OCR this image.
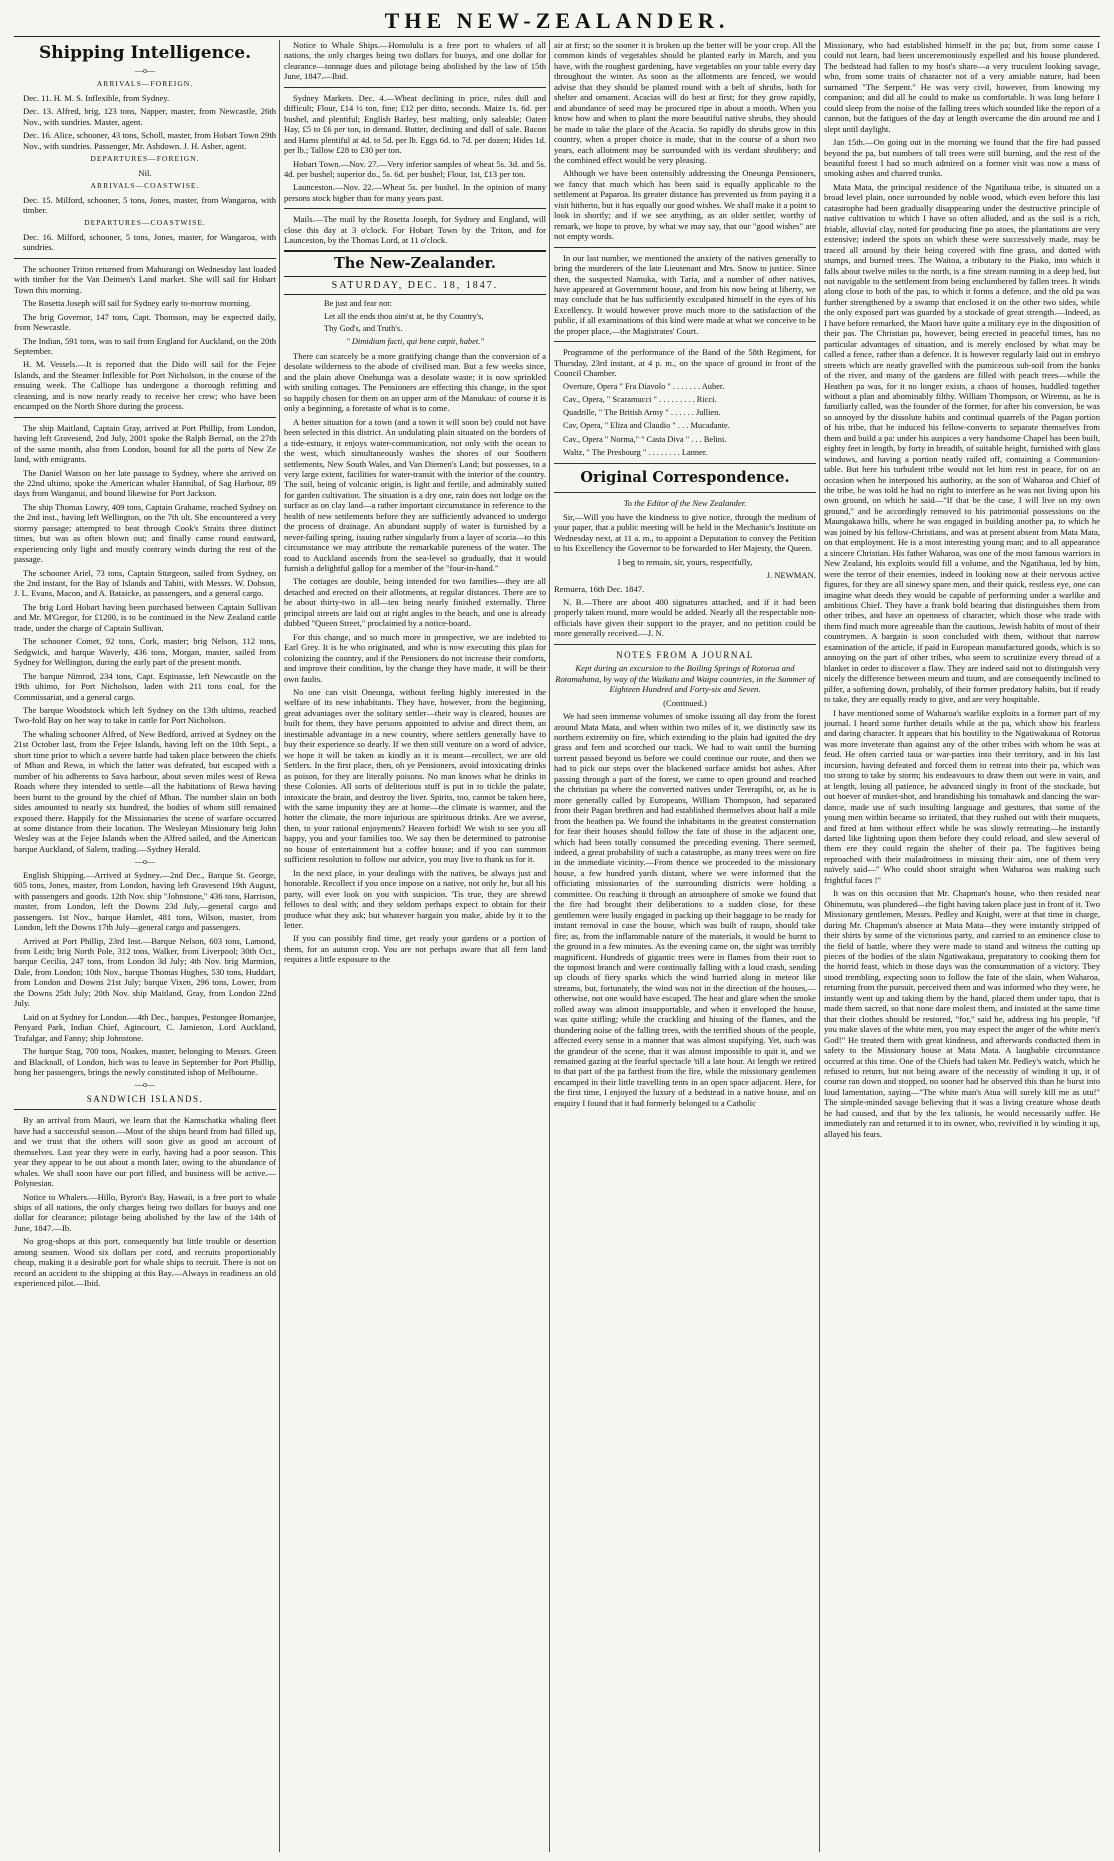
THE NEW-ZEALANDER.
Shipping Intelligence.
—o—
ARRIVALS—FOREIGN.

Dec. 11. H. M. S. Inflexible, from Sydney.

Dec. 13. Alfred, brig, 123 tons, Napper, master, from Newcastle, 26th Nov., with sundries. Master, agent.

Dec. 16. Alice, schooner, 43 tons, Scholl, master, from Hobart Town 29th Nov., with sundries. Passenger, Mr. Ashdown. J. H. Asher, agent.

DEPARTURES—FOREIGN.
Nil.
ARRIVALS—COASTWISE.

Dec. 15. Milford, schooner, 5 tons, Jones, master, from Wangaroa, with timber.

DEPARTURES—COASTWISE.

Dec. 16. Milford, schooner, 5 tons, Jones, master, for Wangaroa, with sundries.

The schooner Triton returned from Mahurangi on Wednesday last loaded with timber for the Van Deimen's Land market. She will sail for Hobart Town this morning.

The Rosetta Joseph will sail for Sydney early to-morrow morning.

The brig Governor, 147 tons, Capt. Thomson, may be expected daily, from Newcastle.

The Indian, 591 tons, was to sail from England for Auckland, on the 20th September.

H. M. Vessels.—It is reported that the Dido will sail for the Fejee Islands, and the Steamer Inflexible for Port Nicholson, in the course of the ensuing week. The Calliope has undergone a thorough refitting and cleansing, and is now nearly ready to receive her crew; who have been encamped on the North Shore during the process.

The ship Maitland, Captain Gray, arrived at Port Phillip, from London, having left Gravesend, 2nd July, 2001 spoke the Ralph Bernal, on the 27th of the same month, also from London, bound for all the ports of New Ze land, with emigrants.

The Daniel Watson on her late passage to Sydney, where she arrived on the 22nd ultimo, spoke the American whaler Hannibal, of Sag Harbour, 89 days from Wanganui, and bound likewise for Port Jackson.

The ship Thomas Lowry, 409 tons, Captain Grahame, reached Sydney on the 2nd inst., having left Wellington, on the 7th ult. She encountered a very stormy passage; attempted to beat through Cook's Straits three distinct times, but was as often blown out; and finally came round eastward, experiencing only light and mostly contrary winds during the rest of the passage.

The schooner Ariel, 73 tons, Captain Sturgeon, sailed from Sydney, on the 2nd instant, for the Bay of Islands and Tahiti, with Messrs. W. Dobson, J. L. Evans, Macon, and A. Bataicke, as passengers, and a general cargo.

The brig Lord Hobart having been purchased between Captain Sullivan and Mr. M'Gregor, for £1200, is to be continued in the New Zealand cattle trade, under the charge of Captain Sullivan.

The schooner Comet, 92 tons, Cork, master; brig Nelson, 112 tons, Sedgwick, and barque Waverly, 436 tons, Morgan, master, sailed from Sydney for Wellington, during the early part of the present month.

The barque Nimrod, 234 tons, Capt. Espinasse, left Newcastle on the 19th ultimo, for Port Nicholson, laden with 211 tons coal, for the Commissariat, and a general cargo.

The barque Woodstock which left Sydney on the 13th ultimo, reached Two-fold Bay on her way to take in cattle for Port Nicholson.

The whaling schooner Alfred, of New Bedford, arrived at Sydney on the 21st October last, from the Fejee Islands, having left on the 10th Sept., a short time prior to which a severe battle had taken place between the chiefs of Mban and Rewa, in which the latter was defeated, but escaped with a number of his adherents to Sava harbour, about seven miles west of Rewa Roads where they intended to settle—all the habitations of Rewa having been burnt to the ground by the chief of Mban. The number slain on both sides amounted to nearly six hundred, the bodies of whom still remained exposed there. Happily for the Missionaries the scene of warfare occurred at some distance from their location. The Wesleyan Missionary brig John Wesley was at the Fejee Islands when the Alfred sailed, and the American barque Auckland, of Salem, trading.—Sydney Herald.

—o—

English Shipping.—Arrived at Sydney.—2nd Dec., Barque St. George, 605 tons, Jones, master, from London, having left Gravesend 19th August, with passengers and goods. 12th Nov. ship "Johnstone," 436 tons, Harrison, master, from London, left the Downs 23d July,—general cargo and passengers. 1st Nov., barque Hamlet, 481 tons, Wilson, master, from London, left the Downs 17th July—general cargo and passengers.

Arrived at Port Phillip, 23rd Inst.—Barque Nelson, 603 tons, Lamond, from Leith; brig North Pole, 312 tons, Walker, from Liverpool; 30th Oct., barque Cecilia, 247 tons, from London 3d July; 4th Nov. brig Marmion, Dale, from London; 10th Nov., barque Thomas Hughes, 530 tons, Huddart, from London and Downs 21st July; barque Vixen, 296 tons, Lower, from the Downs 25th July; 20th Nov. ship Maitland, Gray, from London 22nd July.

Laid on at Sydney for London.—4th Dec., barques, Pestongee Bomanjee, Penyard Park, Indian Chief, Agincourt, C. Jamieson, Lord Auckland, Trafalgar, and Fanny; ship Johnstone.

The barque Stag, 700 tons, Noakes, master, belonging to Messrs. Green and Blacknall, of London, hich was to leave in September for Port Phillip, hong her passengers, brings the newly constituted ishop of Melbourne.

—o—
SANDWICH ISLANDS.

By an arrival from Mauri, we learn that the Kamschatka whaling fleet have had a successful season.—Most of the ships heard from had filled up, and we trust that the others will soon give as good an account of themselves. Last year they were in early, having had a poor season. This year they appear to be out about a month later, owing to the abundance of whales. We shall soon have our port filled, and business will be active.—Polynesian.

Notice to Whalers.—Hillo, Byron's Bay, Hawaii, is a free port to whale ships of all nations, the only charges being two dollars for buoys and one dollar for clearance; pilotage being abolished by the law of the 14th of June, 1847.—Ib.

No grog-shops at this port, consequently but little trouble or desertion among seamen. Wood six dollars per cord, and recruits proportionably cheap, making it a desirable port for whale ships to recruit. There is not on record an accident to the shipping at this Bay.—Always in readiness an old experienced pilot.—Ibid.

Notice to Whale Ships.—Homolulu is a free port to whalers of all nations, the only charges being two dollars for buoys, and one dollar for clearance—tonnage dues and pilotage being abolished by the law of 15th June, 1847.—Ibid.

Sydney Markets. Dec. 4.—Wheat declining in price, rules dull and difficult; Flour, £14 ½ ton, fine; £12 per ditto, seconds. Maize 1s. 6d. per bushel, and plentiful; English Barley, best malting, only saleable; Oaten Hay, £5 to £6 per ton, in demand. Butter, declining and dull of sale. Bacon and Hams plentiful at 4d. to 5d. per lb. Eggs 6d. to 7d. per dozen; Hides 1d. per lb.; Tallow £28 to £30 per ton.

Hobart Town.—Nov. 27.—Very inferior samples of wheat 5s. 3d. and 5s. 4d. per bushel; superior do., 5s. 6d. per bushel; Flour, 1st, £13 per ton.

Launceston.—Nov. 22.—Wheat 5s. per bushel. In the opinion of many persons stock higher than for many years past.

Mails.—The mail by the Rosetta Joseph, for Sydney and England, will close this day at 3 o'clock. For Hobart Town by the Triton, and for Launceston, by the Thomas Lord, at 11 o'clock.

The New-Zealander.
SATURDAY, DEC. 18, 1847.
Be just and fear not:
Let all the ends thou aim'st at, be thy Country's,
Thy God's, and Truth's.
" Dimidium facti, qui bene cœpit, habet."

There can scarcely be a more gratifying change than the conversion of a desolate wilderness to the abode of civilised man. But a few weeks since, and the plain above Onehunga was a desolate waste; it is now sprinkled with smiling cottages. The Pensioners are effecting this change, in the spot so happily chosen for them on an upper arm of the Manukau: of course it is only a beginning, a foretaste of what is to come.

A better situation for a town (and a town it will soon be) could not have been selected in this district. An undulating plain situated on the borders of a tide-estuary, it enjoys water-communication, not only with the ocean to the west, which simultaneously washes the shores of our Southern settlements, New South Wales, and Van Diemen's Land; but possesses, to a very large extent, facilities for water-transit with the interior of the country. The soil, being of volcanic origin, is light and fertile, and admirably suited for garden cultivation. The situation is a dry one, rain does not lodge on the surface as on clay land—a rather important circumstance in reference to the health of new settlements before they are sufficiently advanced to undergo the process of drainage. An abundant supply of water is furnished by a never-failing spring, issuing rather singularly from a layer of scoria—to this circumstance we may attribute the remarkable pureness of the water. The road to Auckland ascends from the sea-level so gradually, that it would furnish a delightful gallop for a member of the "four-in-hand."

The cottages are double, being intended for two families—they are all detached and erected on their allotments, at regular distances. There are to be about thirty-two in all—ten being nearly finished externally. Three principal streets are laid out at right angles to the beach, and one is already dubbed "Queen Street," proclaimed by a notice-board.

For this change, and so much more in prospective, we are indebted to Earl Grey. It is he who originated, and who is now executing this plan for colonizing the country, and if the Pensioners do not increase their comforts, and improve their condition, by the change they have made, it will be their own faults.

No one can visit Oneunga, without feeling highly interested in the welfare of its new inhabitants. They have, however, from the beginning, great advantages over the solitary settler—their way is cleared, houses are built for them, they have persons appointed to advise and direct them, an inestimable advantage in a new country, where settlers generally have to buy their experience so dearly. If we then still venture on a word of advice, we hope it will be taken as kindly as it is meant—recollect, we are old Settlers. In the first place, then, oh ye Pensioners, avoid intoxicating drinks as poison, for they are literally poisons. No man knows what he drinks in these Colonies. All sorts of deliterious stuff is put in to tickle the palate, intoxicate the brain, and destroy the liver. Spirits, too, cannot be taken here, with the same impunity they are at home—the climate is warmer, and the hotter the climate, the more injurious are spirituous drinks. Are we averse, then, to your rational enjoyments? Heaven forbid! We wish to see you all happy, you and your families too. We say then be determined to patronise no house of entertainment but a coffee house; and if you can summon sufficient resolution to follow our advice, you may live to thank us for it.

In the next place, in your dealings with the natives, be always just and honorable. Recollect if you once impose on a native, not only he, but all his party, will ever look on you with suspicion. 'Tis true, they are shrewd fellows to deal with; and they seldom perhaps expect to obtain for their produce what they ask; but whatever bargain you make, abide by it to the letter.

If you can possibly find time, get ready your gardens or a portion of them, for an autumn crop. You are not perhaps aware that all fern land requires a little exposure to the

air at first; so the sooner it is broken up the better will be your crop. All the common kinds of vegetables should be planted early in March, and you have, with the roughest gardening, have vegetables on your table every day throughout the winter. As soon as the allotments are fenced, we would advise that they should be planted round with a belt of shrubs, both for shelter and ornament. Acacias will do best at first; for they grow rapidly, and abundance of seed may be procured ripe in about a month. When you know how and when to plant the more beautiful native shrubs, they should be made to take the place of the Acacia. So rapidly do shrubs grow in this country, when a proper choice is made, that in the course of a short two years, each allotment may be surrounded with its verdant shrubbery; and the combined effect would be very pleasing.

Although we have been ostensibly addressing the Oneunga Pensioners, we fancy that much which has been said is equally applicable to the settlement at Paparoa. Its greater distance has prevented us from paying it a visit hitherto, but it has equally our good wishes. We shall make it a point to look in shortly; and if we see anything, as an older settler, worthy of remark, we hope to prove, by what we may say, that our "good wishes" are not empty words.

In our last number, we mentioned the anxiety of the natives generally to bring the murderers of the late Lieutenant and Mrs. Snow to justice. Since then, the suspected Namuka, with Taria, and a number of other natives, have appeared at Government house, and from his now being at liberty, we may conclude that he has sufficiently exculpated himself in the eyes of his Excellency. It would however prove much more to the satisfaction of the public, if all examinations of this kind were made at what we conceive to be the proper place,—the Magistrates' Court.

Programme of the performance of the Band of the 58th Regiment, for Thursday, 23rd instant, at 4 p. m., on the space of ground in front of the Council Chamber.

Overture, Opera " Fra Diavolo " . . . . . . . Auber.

Cav., Opera, " Scaramucci " . . . . . . . . . Ricci.

Quadrille, " The British Army " . . . . . . Jullien.

Cav, Opera, " Eliza and Claudio " . . . Mucadante.

Cav., Opera " Norma," " Casta Diva " . . . Belini.

Waltz, " The Presbourg " . . . . . . . . Lanner.

Original Correspondence.
To the Editor of the New Zealander.

Sir,—Will you have the kindness to give notice, through the medium of your paper, that a public meeting will be held in the Mechanic's Institute on Wednesday next, at 11 a. m., to appoint a Deputation to convey the Petition to his Excellency the Governor to be forwarded to Her Majesty, the Queen.

I beg to remain, sir, yours, respectfully,

J. NEWMAN.

Remuera, 16th Dec. 1847.

N. B.—There are about 400 signatures attached, and if it had been properly taken round, more would be added. Nearly all the respectable non-officials have given their support to the prayer, and no petition could be more generally received.—J. N.

NOTES FROM A JOURNAL

Kept during an excursion to the Boiling Springs of Rotorua and Rotomahana, by way of the Waikato and Waipa countries, in the Summer of Eighteen Hundred and Forty-six and Seven.

(Continued.)

We had seen immense volumes of smoke issuing all day from the forest around Mata Mata, and when within two miles of it, we distinctly saw its northern extremity on fire, which extending to the plain had ignited the dry grass and fern and scorched our track. We had to wait until the burning torrent passed beyond us before we could continue our route, and then we had to pick our steps over the blackened surface amidst hot ashes. After passing through a part of the forest, we came to open ground and reached the christian pa where the converted natives under Tererapihi, or, as he is more generally called by Europeans, William Thompson, had separated from their Pagan brethren and had established themselves about half a mile from the heathen pa. We found the inhabitants in the greatest consternation for fear their houses should follow the fate of those in the adjacent one, which had been totally consumed the preceding evening. There seemed, indeed, a great probability of such a catastrophe, as many trees were on fire in the immediate vicinity.—From thence we proceeded to the missionary house, a few hundred yards distant, where we were informed that the officiating missionaries of the surrounding districts were holding a committee. On reaching it through an atmosphere of smoke we found that the fire had brought their deliberations to a sudden close, for these gentlemen were busily engaged in packing up their baggage to be ready for instant removal in case the house, which was built of raupo, should take fire; as, from the inflammable nature of the materials, it would be burnt to the ground in a few minutes. As the evening came on, the sight was terribly magnificent. Hundreds of gigantic trees were in flames from their root to the topmost branch and were continually falling with a loud crash, sending up clouds of fiery sparks which the wind hurried along in meteor like streams, but, fortunately, the wind was not in the direction of the houses,—otherwise, not one would have escaped. The heat and glare when the smoke rolled away was almost insupportable, and when it enveloped the house, was quite stifling; while the crackling and hissing of the flames, and the thundering noise of the falling trees, with the terrified shouts of the people, affected every sense in a manner that was almost stupifying. Yet, such was the grandeur of the scene, that it was almost impossible to quit it, and we remained gazing at the fearful spectacle 'till a late hour. At length we retired to that part of the pa farthest from the fire, while the missionary gentlemen encamped in their little travelling tents in an open space adjacent. Here, for the first time, I enjoyed the luxury of a bedstead in a native house, and on enquiry I found that it had formerly belonged to a Catholic

Missionary, who had established himself in the pa; but, from some cause I could not learn, had been unceremoniously expelled and his house plundered. The bedstead had fallen to my host's share—a very truculent looking savage, who, from some traits of character not of a very amiable nature, had been surnamed "The Serpent." He was very civil, however, from knowing my companion; and did all he could to make us comfortable. It was long before I could sleep from the noise of the falling trees which sounded like the report of a cannon, but the fatigues of the day at length overcame the din around me and I slept until daylight.

Jan 15th.—On going out in the morning we found that the fire had passed beyond the pa, but numbers of tall trees were still burning, and the rest of the beautiful forest I had so much admired on a former visit was now a mass of smoking ashes and charred trunks.

Mata Mata, the principal residence of the Ngatihaua tribe, is situated on a broad level plain, once surrounded by noble wood, which even before this last catastrophe had been gradually disappearing under the destructive principle of native cultivation to which I have so often alluded, and as the soil is a rich, friable, alluvial clay, noted for producing fine po atoes, the plantations are very extensive; indeed the spots on which these were successively made, may be traced all around by their being covered with fine grass, and dotted with stumps, and burned trees. The Waitoa, a tributary to the Piako, into which it falls about twelve miles to the north, is a fine stream running in a deep bed, but not navigable to the settlement from being enclumbered by fallen trees. It winds along close to both of the pas, to which it forms a defence, and the old pa was further strengthened by a swamp that enclosed it on the other two sides, while the only exposed part was guarded by a stockade of great strength.—Indeed, as I have before remarked, the Maori have quite a military eye in the disposition of their pas. The Christian pa, however, being erected in peaceful times, has no particular advantages of situation, and is merely enclosed by what may be called a fence, rather than a defence. It is however regularly laid out in embryo streets which are neatly gravelled with the pumiceous sub-soil from the banks of the river, and many of the gardens are filled with peach trees—while the Heathen pa was, for it no longer exists, a chaos of houses, huddled together without a plan and abominably filthy. William Thompson, or Wiremu, as he is familiarly called, was the founder of the former, for after his conversion, he was so annoyed by the dissolute habits and continual quarrels of the Pagan portion of his tribe, that he induced his fellow-converts to separate themselves from them and build a pa: under his auspices a very handsome Chapel has been built, eighty feet in length, by forty in breadth, of suitable height, furnished with glass windows, and having a portion neatly railed off, containing a Communion-table. But here his turbulent tribe would not let him rest in peace, for on an occasion when he interposed his authority, as the son of Waharoa and Chief of the tribe, he was told he had no right to interfere as he was not living upon his own ground, on which he said—"If that be the case, I will live on my own ground," and he accordingly removed to his patrimonial possessions on the Maungakawa hills, where he was engaged in building another pa, to which he was joined by his fellow-Christians, and was at present absent from Mata Mata, on that employment. He is a most interesting young man; and to all appearance a sincere Christian. His father Waharoa, was one of the most famous warriors in New Zealand, his exploits would fill a volume, and the Ngatihaua, led by him, were the terror of their enemies, indeed in looking now at their nervous active figures, for they are all sinewy spare men, and their quick, restless eye, one can imagine what deeds they would be capable of performing under a warlike and ambitious Chief. They have a frank bold bearing that distinguishes them from other tribes, and have an openness of character, which those who trade with them find much more agreeable than the cautious, Jewish habits of most of their countrymen. A bargain is soon concluded with them, without that narrow examination of the article, if paid in European manufactured goods, which is so annoying on the part of other tribes, who seem to scrutinize every thread of a blanket in order to discover a flaw. They are indeed said not to distinguish very nicely the difference between meum and tuum, and are consequently inclined to pilfer, a softening down, probably, of their former predatory habits, but if ready to take, they are equally ready to give, and are very hospitable.

I have mentioned some of Waharoa's warlike exploits in a former part of my journal. I heard some further details while at the pa, which show his fearless and daring character. It appears that his hostility to the Ngatiwakaua of Rotorua was more inveterate than against any of the other tribes with whom he was at feud. He often carried taua or war-parties into their territory, and in his last incursion, having defeated and forced them to retreat into their pa, which was too strong to take by storm; his endeavours to draw them out were in vain, and at length, losing all patience, he advanced singly in front of the stockade, but out hoever of musket-shot, and brandishing his tomahawk and dancing the war-dance, made use of such insulting language and gestures, that some of the young men within became so irritated, that they rushed out with their muquets, and fired at him without effect while he was slowly retreating—he instantly darted like lightning upon them before they could reload, and slew several of them ere they could regain the shelter of their pa. The fugitives being reproached with their maladroitness in missing their aim, one of them very naïvely said—" Who could shoot straight when Waharoa was making such frightful faces !"

It was on this occasion that Mr. Chapman's house, who then resided near Ohinemutu, was plundered—the fight having taken place just in front of it. Two Missionary gentlemen, Messrs. Pedley and Knight, were at that time in charge, during Mr. Chapman's absence at Mata Mata—they were instantly stripped of their shirts by some of the victorious party, and carried to an eminence close to the field of battle, where they were made to stand and witness the cutting up pieces of the bodies of the slain Ngatiwakaua, preparatory to cooking them for the horrid feast, which in those days was the consummation of a victory. They stood trembling, expecting soon to follow the fate of the slain, when Waharoa, returning from the pursuit, perceived them and was informed who they were, he instantly went up and taking them by the hand, placed them under tapu, that is made them sacred, so that none dare molest them, and insisted at the same time that their clothes should be restored, "for," said he, address ing his people, "if you make slaves of the white men, you may expect the anger of the white men's God!" He treated them with great kindness, and afterwards conducted them in safety to the Missionary house at Mata Mata. A laughable circumstance occurred at this time. One of the Chiefs had taken Mr. Pedley's watch, which he refused to return, but not being aware of the necessity of winding it up, it of course ran down and stopped, no sooner had he observed this than he burst into loud lamentation, saying—"The white man's Atua will surely kill me as utu!" The simple-minded savage believing that it was a living creature whose death he had caused, and that by the lex talionis, he would necessarily suffer. He immediately ran and returned it to its owner, who, revivified it by winding it up, allayed his fears.
